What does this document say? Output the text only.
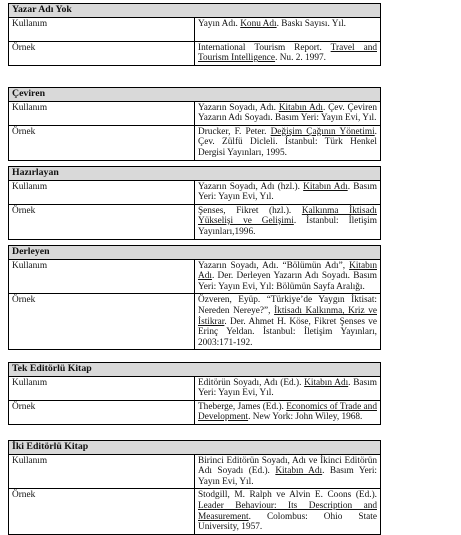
Yazar Adı Yok	
Kullanım	Yayın Adı. Konu Adı. Baskı Sayısı. Yıl.
Örnek	International Tourism Report. Travel and Tourism Intelligence. Nu. 2. 1997.
Çeviren	
Kullanım	Yazarın Soyadı, Adı. Kitabın Adı. Çev. Çeviren Yazarın Adı Soyadı. Basım Yeri: Yayın Evi, Yıl.
Örnek	Drucker, F. Peter. Değişim Çağının Yönetimi. Çev. Zülfü Dicleli. İstanbul: Türk Henkel Dergisi Yayınları, 1995.
Hazırlayan	
Kullanım	Yazarın Soyadı, Adı (hzl.). Kitabın Adı. Basım Yeri: Yayın Evi, Yıl.
Örnek	Şenses, Fikret (hzl.). Kalkınma İktisadı Yükselişi ve Gelişimi. İstanbul: İletişim Yayınları,1996.
Derleyen	
Kullanım	Yazarın Soyadı, Adı. “Bölümün Adı”, Kitabın Adı. Der. Derleyen Yazarın Adı Soyadı. Basım Yeri: Yayın Evi, Yıl: Bölümün Sayfa Aralığı.
Örnek	Özveren, Eyüp. “Türkiye’de Yaygın İktisat: Nereden Nereye?”, İktisadı Kalkınma, Kriz ve İstikrar. Der. Ahmet H. Köse, Fikret Şenses ve Erinç Yeldan. İstanbul: İletişim Yayınları, 2003:171-192.
Tek Editörlü Kitap	
Kullanım	Editörün Soyadı, Adı (Ed.). Kitabın Adı. Basım Yeri: Yayın Evi, Yıl.
Örnek	Theberge, James (Ed.). Economics of Trade and Development. New York: John Wiley, 1968.
İki Editörlü Kitap	
Kullanım	Birinci Editörün Soyadı, Adı ve İkinci Editörün Adı Soyadı (Ed.). Kitabın Adı. Basım Yeri: Yayın Evi, Yıl.
Örnek	Stodgill, M. Ralph ve Alvin E. Coons (Ed.). Leader Behaviour: Its Description and Measurement. Colombus: Ohio State University, 1957.
